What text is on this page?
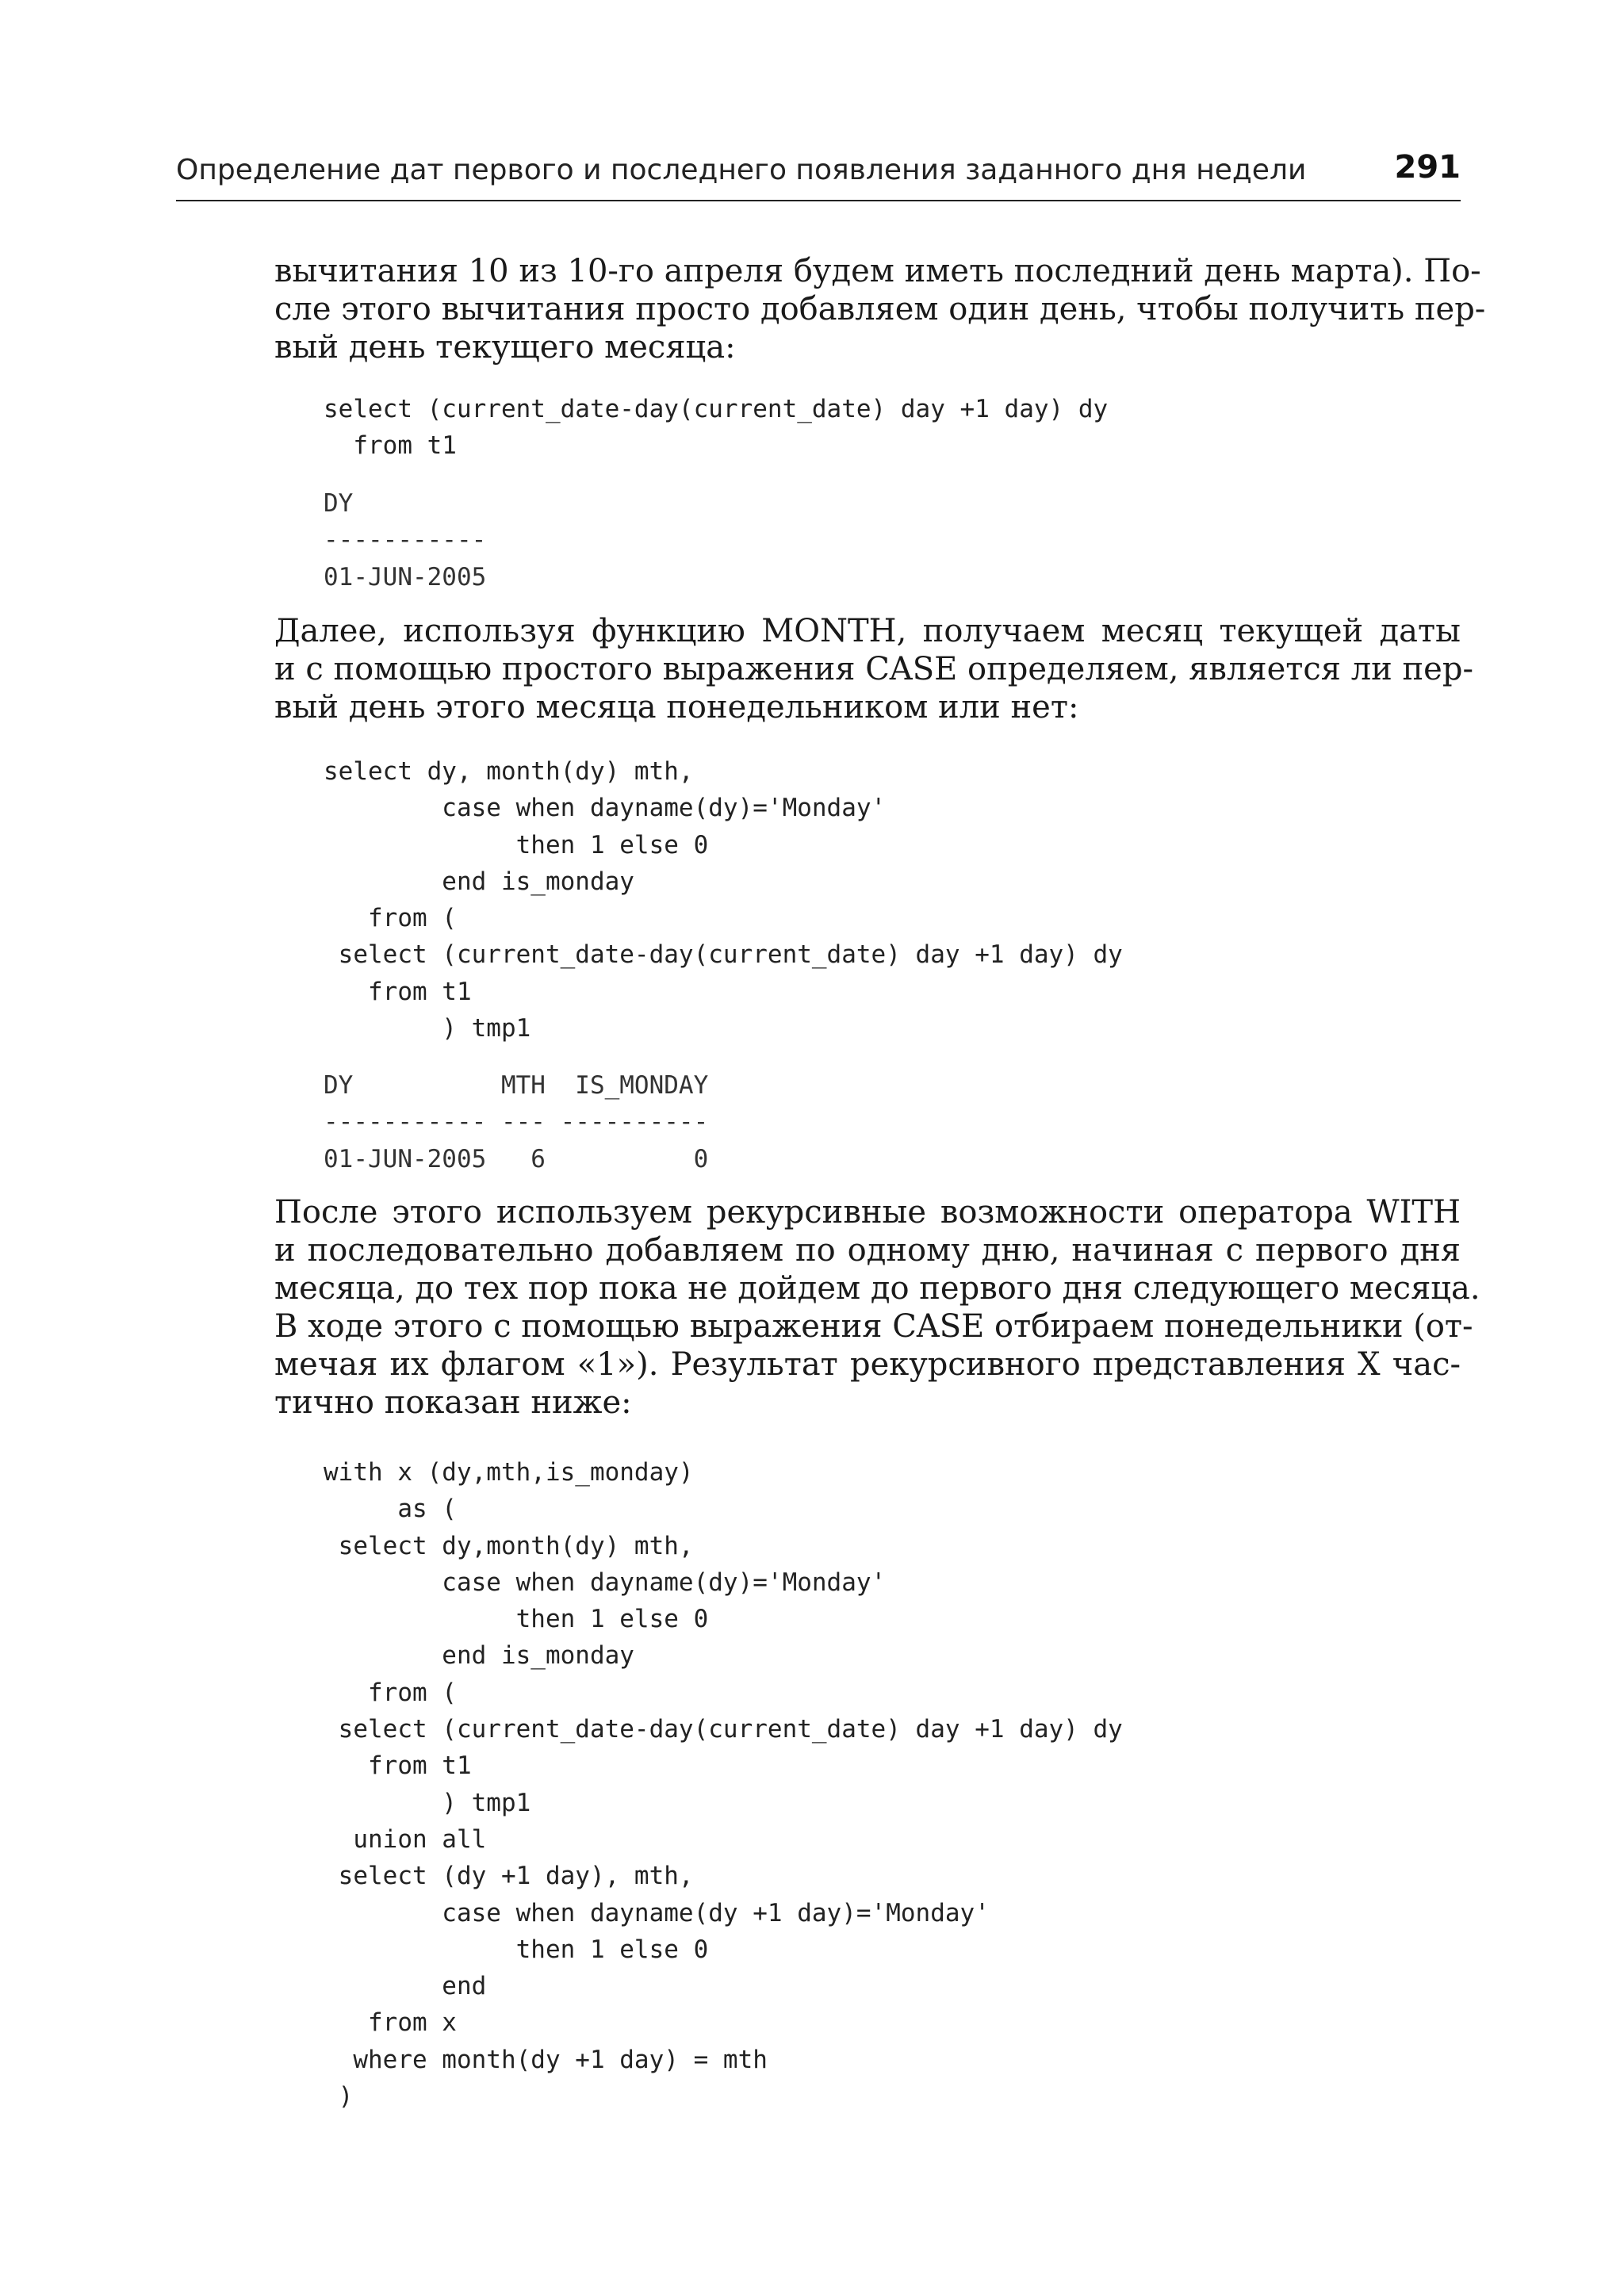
Определение дат первого и последнего появления заданного дня недели	291

вычитания 10 из 10-го апреля будем иметь последний день марта). По-
сле этого вычитания просто добавляем один день, чтобы получить пер-
вый день текущего месяца:

select (current_date-day(current_date) day +1 day) dy
from t1
DY
-----------
01-JUN-2005

Далее, используя функцию MONTH, получаем месяц текущей даты
и с помощью простого выражения CASE определяем, является ли пер-
вый день этого месяца понедельником или нет:

select dy, month(dy) mth,
case when dayname(dy)='Monday'
then 1 else 0
end is_monday
from (
select (current_date-day(current_date) day +1 day) dy
from t1
) tmp1
DY          MTH  IS_MONDAY
----------- --- ----------
01-JUN-2005   6          0

После этого используем рекурсивные возможности оператора WITH
и последовательно добавляем по одному дню, начиная с первого дня
месяца, до тех пор пока не дойдем до первого дня следующего месяца.
В ходе этого с помощью выражения CASE отбираем понедельники (от-
мечая их флагом «1»). Результат рекурсивного представления X час-
тично показан ниже:

with x (dy,mth,is_monday)
as (
select dy,month(dy) mth,
case when dayname(dy)='Monday'
then 1 else 0
end is_monday
from (
select (current_date-day(current_date) day +1 day) dy
from t1
) tmp1
union all
select (dy +1 day), mth,
case when dayname(dy +1 day)='Monday'
then 1 else 0
end
from x
where month(dy +1 day) = mth
)
